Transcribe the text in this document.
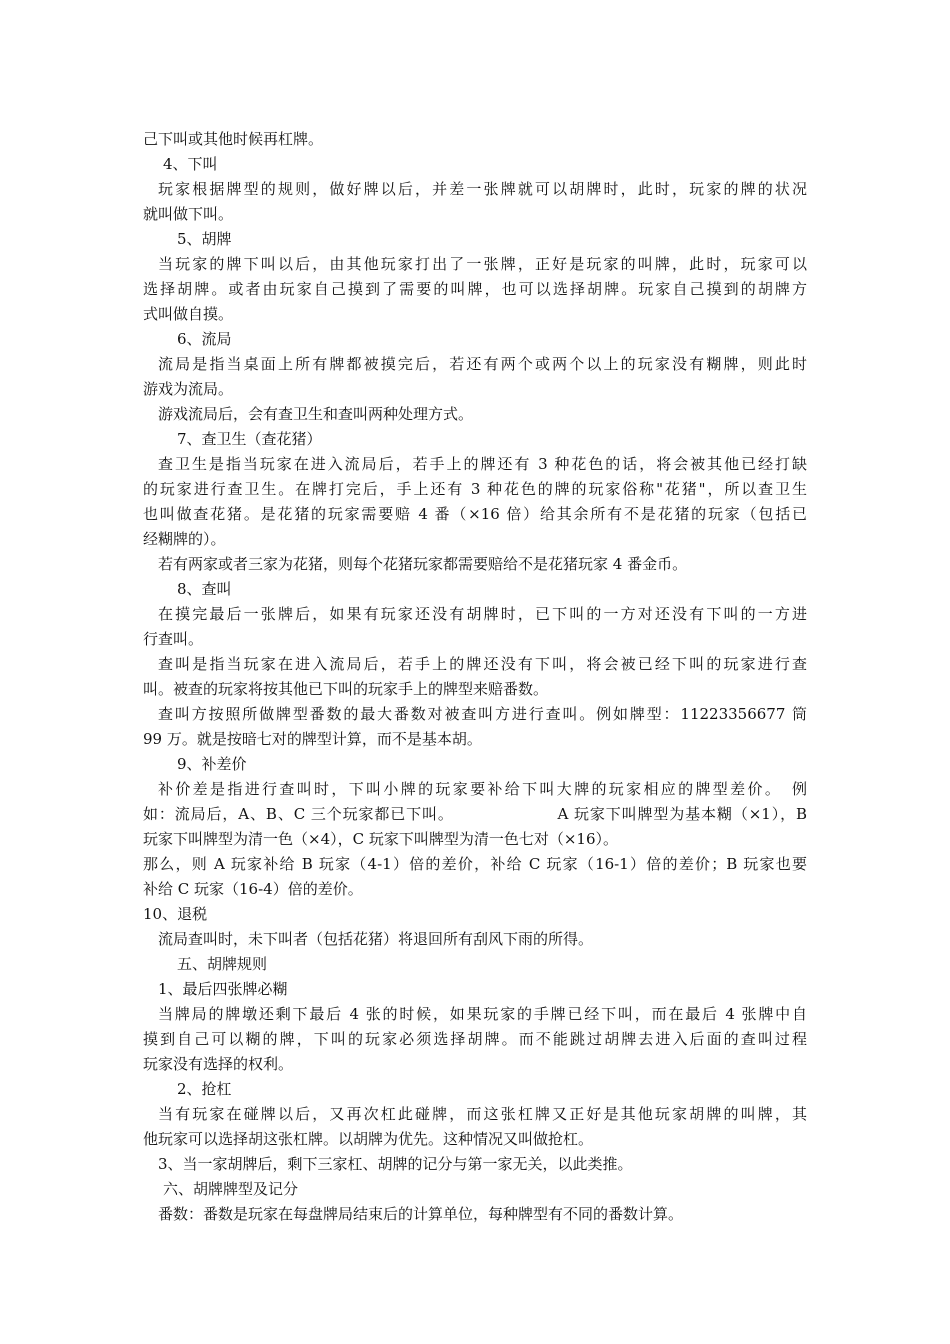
己下叫或其他时候再杠牌。
4、下叫
玩家根据牌型的规则，做好牌以后，并差一张牌就可以胡牌时，此时，玩家的牌的状况
就叫做下叫。
5、胡牌
当玩家的牌下叫以后，由其他玩家打出了一张牌，正好是玩家的叫牌，此时，玩家可以
选择胡牌。或者由玩家自己摸到了需要的叫牌，也可以选择胡牌。玩家自己摸到的胡牌方
式叫做自摸。
6、流局
流局是指当桌面上所有牌都被摸完后，若还有两个或两个以上的玩家没有糊牌，则此时
游戏为流局。
游戏流局后，会有查卫生和查叫两种处理方式。
7、查卫生（查花猪）
查卫生是指当玩家在进入流局后，若手上的牌还有 3 种花色的话，将会被其他已经打缺
的玩家进行查卫生。在牌打完后，手上还有 3 种花色的牌的玩家俗称"花猪"，所以查卫生
也叫做查花猪。是花猪的玩家需要赔 4 番（×16 倍）给其余所有不是花猪的玩家（包括已
经糊牌的）。
若有两家或者三家为花猪，则每个花猪玩家都需要赔给不是花猪玩家 4 番金币。
8、查叫
在摸完最后一张牌后，如果有玩家还没有胡牌时，已下叫的一方对还没有下叫的一方进
行查叫。
查叫是指当玩家在进入流局后，若手上的牌还没有下叫，将会被已经下叫的玩家进行查
叫。被查的玩家将按其他已下叫的玩家手上的牌型来赔番数。
查叫方按照所做牌型番数的最大番数对被查叫方进行查叫。例如牌型：11223356677 筒
99 万。就是按暗七对的牌型计算，而不是基本胡。
9、补差价
补价差是指进行查叫时，下叫小牌的玩家要补给下叫大牌的玩家相应的牌型差价。　例
如：流局后，A、B、C 三个玩家都已下叫。　　　　　　　A 玩家下叫牌型为基本糊（×1），B
玩家下叫牌型为清一色（×4），C 玩家下叫牌型为清一色七对（×16）。
那么，则 A 玩家补给 B 玩家（4-1）倍的差价，补给 C 玩家（16-1）倍的差价；B 玩家也要
补给 C 玩家（16-4）倍的差价。
10、退税
流局查叫时，未下叫者（包括花猪）将退回所有刮风下雨的所得。
五、胡牌规则
1、最后四张牌必糊
当牌局的牌墩还剩下最后 4 张的时候，如果玩家的手牌已经下叫，而在最后 4 张牌中自
摸到自己可以糊的牌，下叫的玩家必须选择胡牌。而不能跳过胡牌去进入后面的查叫过程
玩家没有选择的权利。
2、抢杠
当有玩家在碰牌以后，又再次杠此碰牌，而这张杠牌又正好是其他玩家胡牌的叫牌，其
他玩家可以选择胡这张杠牌。以胡牌为优先。这种情况又叫做抢杠。
3、当一家胡牌后，剩下三家杠、胡牌的记分与第一家无关，以此类推。
六、胡牌牌型及记分
番数：番数是玩家在每盘牌局结束后的计算单位，每种牌型有不同的番数计算。
